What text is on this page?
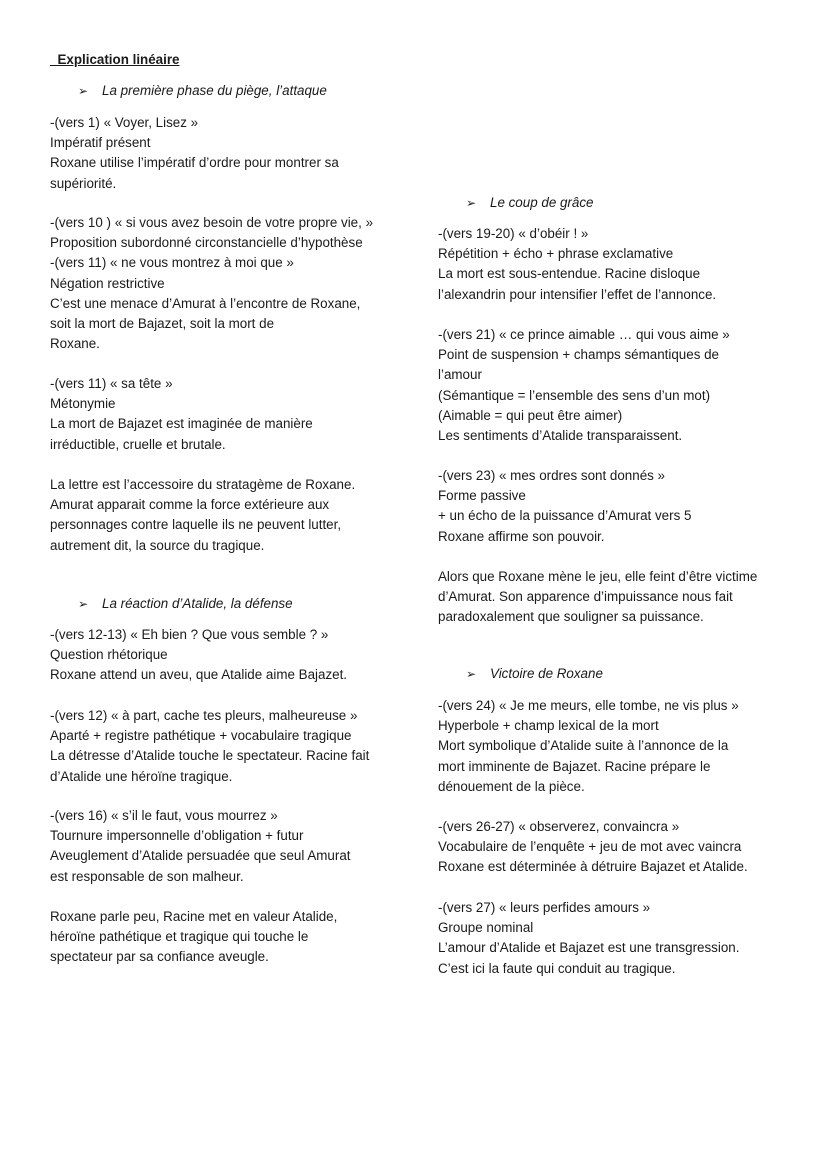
_Explication linéaire
➢ La première phase du piège, l’attaque
-(vers 1) « Voyer, Lisez »
Impératif présent
Roxane utilise l’impératif d’ordre pour montrer sa
supériorité.
-(vers 10 ) « si vous avez besoin de votre propre vie, »
Proposition subordonné circonstancielle d’hypothèse
-(vers 11) « ne vous montrez à moi que »
Négation restrictive
C’est une menace d’Amurat à l’encontre de Roxane,
soit la mort de Bajazet, soit la mort de
Roxane.
-(vers 11) « sa tête »
Métonymie
La mort de Bajazet est imaginée de manière
irréductible, cruelle et brutale.
La lettre est l’accessoire du stratagème de Roxane.
Amurat apparait comme la force extérieure aux
personnages contre laquelle ils ne peuvent lutter,
autrement dit, la source du tragique.
➢ La réaction d’Atalide, la défense
-(vers 12-13) « Eh bien ? Que vous semble ? »
Question rhétorique
Roxane attend un aveu, que Atalide aime Bajazet.
-(vers 12) « à part, cache tes pleurs, malheureuse »
Aparté + registre pathétique + vocabulaire tragique
La détresse d’Atalide touche le spectateur. Racine fait
d’Atalide une héroïne tragique.
-(vers 16) « s’il le faut, vous mourrez »
Tournure impersonnelle d’obligation + futur
Aveuglement d’Atalide persuadée que seul Amurat
est responsable de son malheur.
Roxane parle peu, Racine met en valeur Atalide,
héroïne pathétique et tragique qui touche le
spectateur par sa confiance aveugle.
➢ Le coup de grâce
-(vers 19-20) « d’obéir ! »
Répétition + écho + phrase exclamative
La mort est sous-entendue. Racine disloque
l’alexandrin pour intensifier l’effet de l’annonce.
-(vers 21) « ce prince aimable … qui vous aime »
Point de suspension + champs sémantiques de
l’amour
(Sémantique = l’ensemble des sens d’un mot)
(Aimable = qui peut être aimer)
Les sentiments d’Atalide transparaissent.
-(vers 23) « mes ordres sont donnés »
Forme passive
+ un écho de la puissance d’Amurat vers 5
Roxane affirme son pouvoir.
Alors que Roxane mène le jeu, elle feint d’être victime
d’Amurat. Son apparence d’impuissance nous fait
paradoxalement que souligner sa puissance.
➢ Victoire de Roxane
-(vers 24) « Je me meurs, elle tombe, ne vis plus »
Hyperbole + champ lexical de la mort
Mort symbolique d’Atalide suite à l’annonce de la
mort imminente de Bajazet. Racine prépare le
dénouement de la pièce.
-(vers 26-27) « observerez, convaincra »
Vocabulaire de l’enquête + jeu de mot avec vaincra
Roxane est déterminée à détruire Bajazet et Atalide.
-(vers 27) « leurs perfides amours »
Groupe nominal
L’amour d’Atalide et Bajazet est une transgression.
C’est ici la faute qui conduit au tragique.
